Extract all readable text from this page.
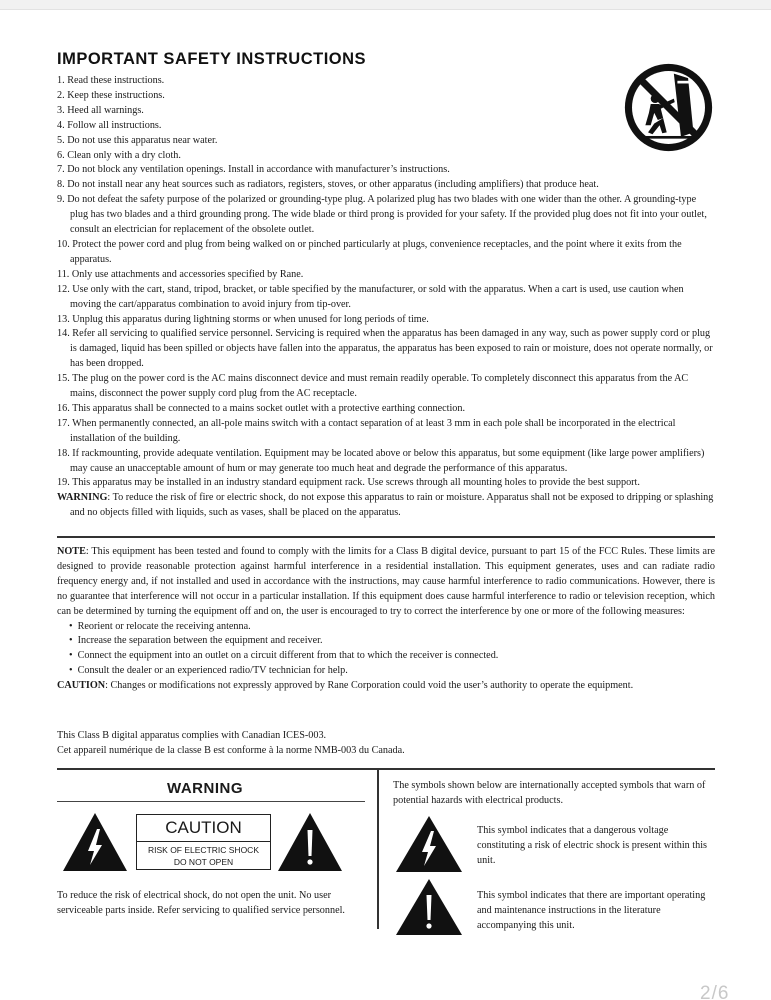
IMPORTANT SAFETY INSTRUCTIONS
1. Read these instructions.
2. Keep these instructions.
3. Heed all warnings.
4. Follow all instructions.
5. Do not use this apparatus near water.
6. Clean only with a dry cloth.
7. Do not block any ventilation openings. Install in accordance with manufacturer’s instructions.
8. Do not install near any heat sources such as radiators, registers, stoves, or other apparatus (including amplifiers) that produce heat.
9. Do not defeat the safety purpose of the polarized or grounding-type plug. A polarized plug has two blades with one wider than the other. A grounding-type plug has two blades and a third grounding prong. The wide blade or third prong is provided for your safety. If the provided plug does not fit into your outlet, consult an electrician for replacement of the obsolete outlet.
10. Protect the power cord and plug from being walked on or pinched particularly at plugs, convenience receptacles, and the point where it exits from the apparatus.
11. Only use attachments and accessories specified by Rane.
12. Use only with the cart, stand, tripod, bracket, or table specified by the manufacturer, or sold with the apparatus. When a cart is used, use caution when moving the cart/apparatus combination to avoid injury from tip-over.
13. Unplug this apparatus during lightning storms or when unused for long periods of time.
14. Refer all servicing to qualified service personnel. Servicing is required when the apparatus has been damaged in any way, such as power supply cord or plug is damaged, liquid has been spilled or objects have fallen into the apparatus, the apparatus has been exposed to rain or moisture, does not operate normally, or has been dropped.
15. The plug on the power cord is the AC mains disconnect device and must remain readily operable. To completely disconnect this apparatus from the AC mains, disconnect the power supply cord plug from the AC receptacle.
16. This apparatus shall be connected to a mains socket outlet with a protective earthing connection.
17. When permanently connected, an all-pole mains switch with a contact separation of at least 3 mm in each pole shall be incorporated in the electrical installation of the building.
18. If rackmounting, provide adequate ventilation. Equipment may be located above or below this apparatus, but some equipment (like large power amplifiers) may cause an unacceptable amount of hum or may generate too much heat and degrade the performance of this apparatus.
19. This apparatus may be installed in an industry standard equipment rack. Use screws through all mounting holes to provide the best support.
WARNING: To reduce the risk of fire or electric shock, do not expose this apparatus to rain or moisture. Apparatus shall not be exposed to dripping or splashing and no objects filled with liquids, such as vases, shall be placed on the apparatus.

NOTE: This equipment has been tested and found to comply with the limits for a Class B digital device, pursuant to part 15 of the FCC Rules. These limits are designed to provide reasonable protection against harmful interference in a residential installation. This equipment generates, uses and can radiate radio frequency energy and, if not installed and used in accordance with the instructions, may cause harmful interference to radio communications. However, there is no guarantee that interference will not occur in a particular installation. If this equipment does cause harmful interference to radio or television reception, which can be determined by turning the equipment off and on, the user is encouraged to try to correct the interference by one or more of the following measures:

• Reorient or relocate the receiving antenna.
• Increase the separation between the equipment and receiver.
• Connect the equipment into an outlet on a circuit different from that to which the receiver is connected.
• Consult the dealer or an experienced radio/TV technician for help.

CAUTION: Changes or modifications not expressly approved by Rane Corporation could void the user’s authority to operate the equipment.

This Class B digital apparatus complies with Canadian ICES-003.
Cet appareil numérique de la classe B est conforme à la norme NMB-003 du Canada.
WARNING
CAUTION
RISK OF ELECTRIC SHOCK
DO NOT OPEN
To reduce the risk of electrical shock, do not open the unit. No user serviceable parts inside. Refer servicing to qualified service personnel.
The symbols shown below are internationally accepted symbols that warn of potential hazards with electrical products.
This symbol indicates that a dangerous voltage constituting a risk of electric shock is present within this unit.
This symbol indicates that there are important operating and maintenance instructions in the literature accompanying this unit.
2/6
